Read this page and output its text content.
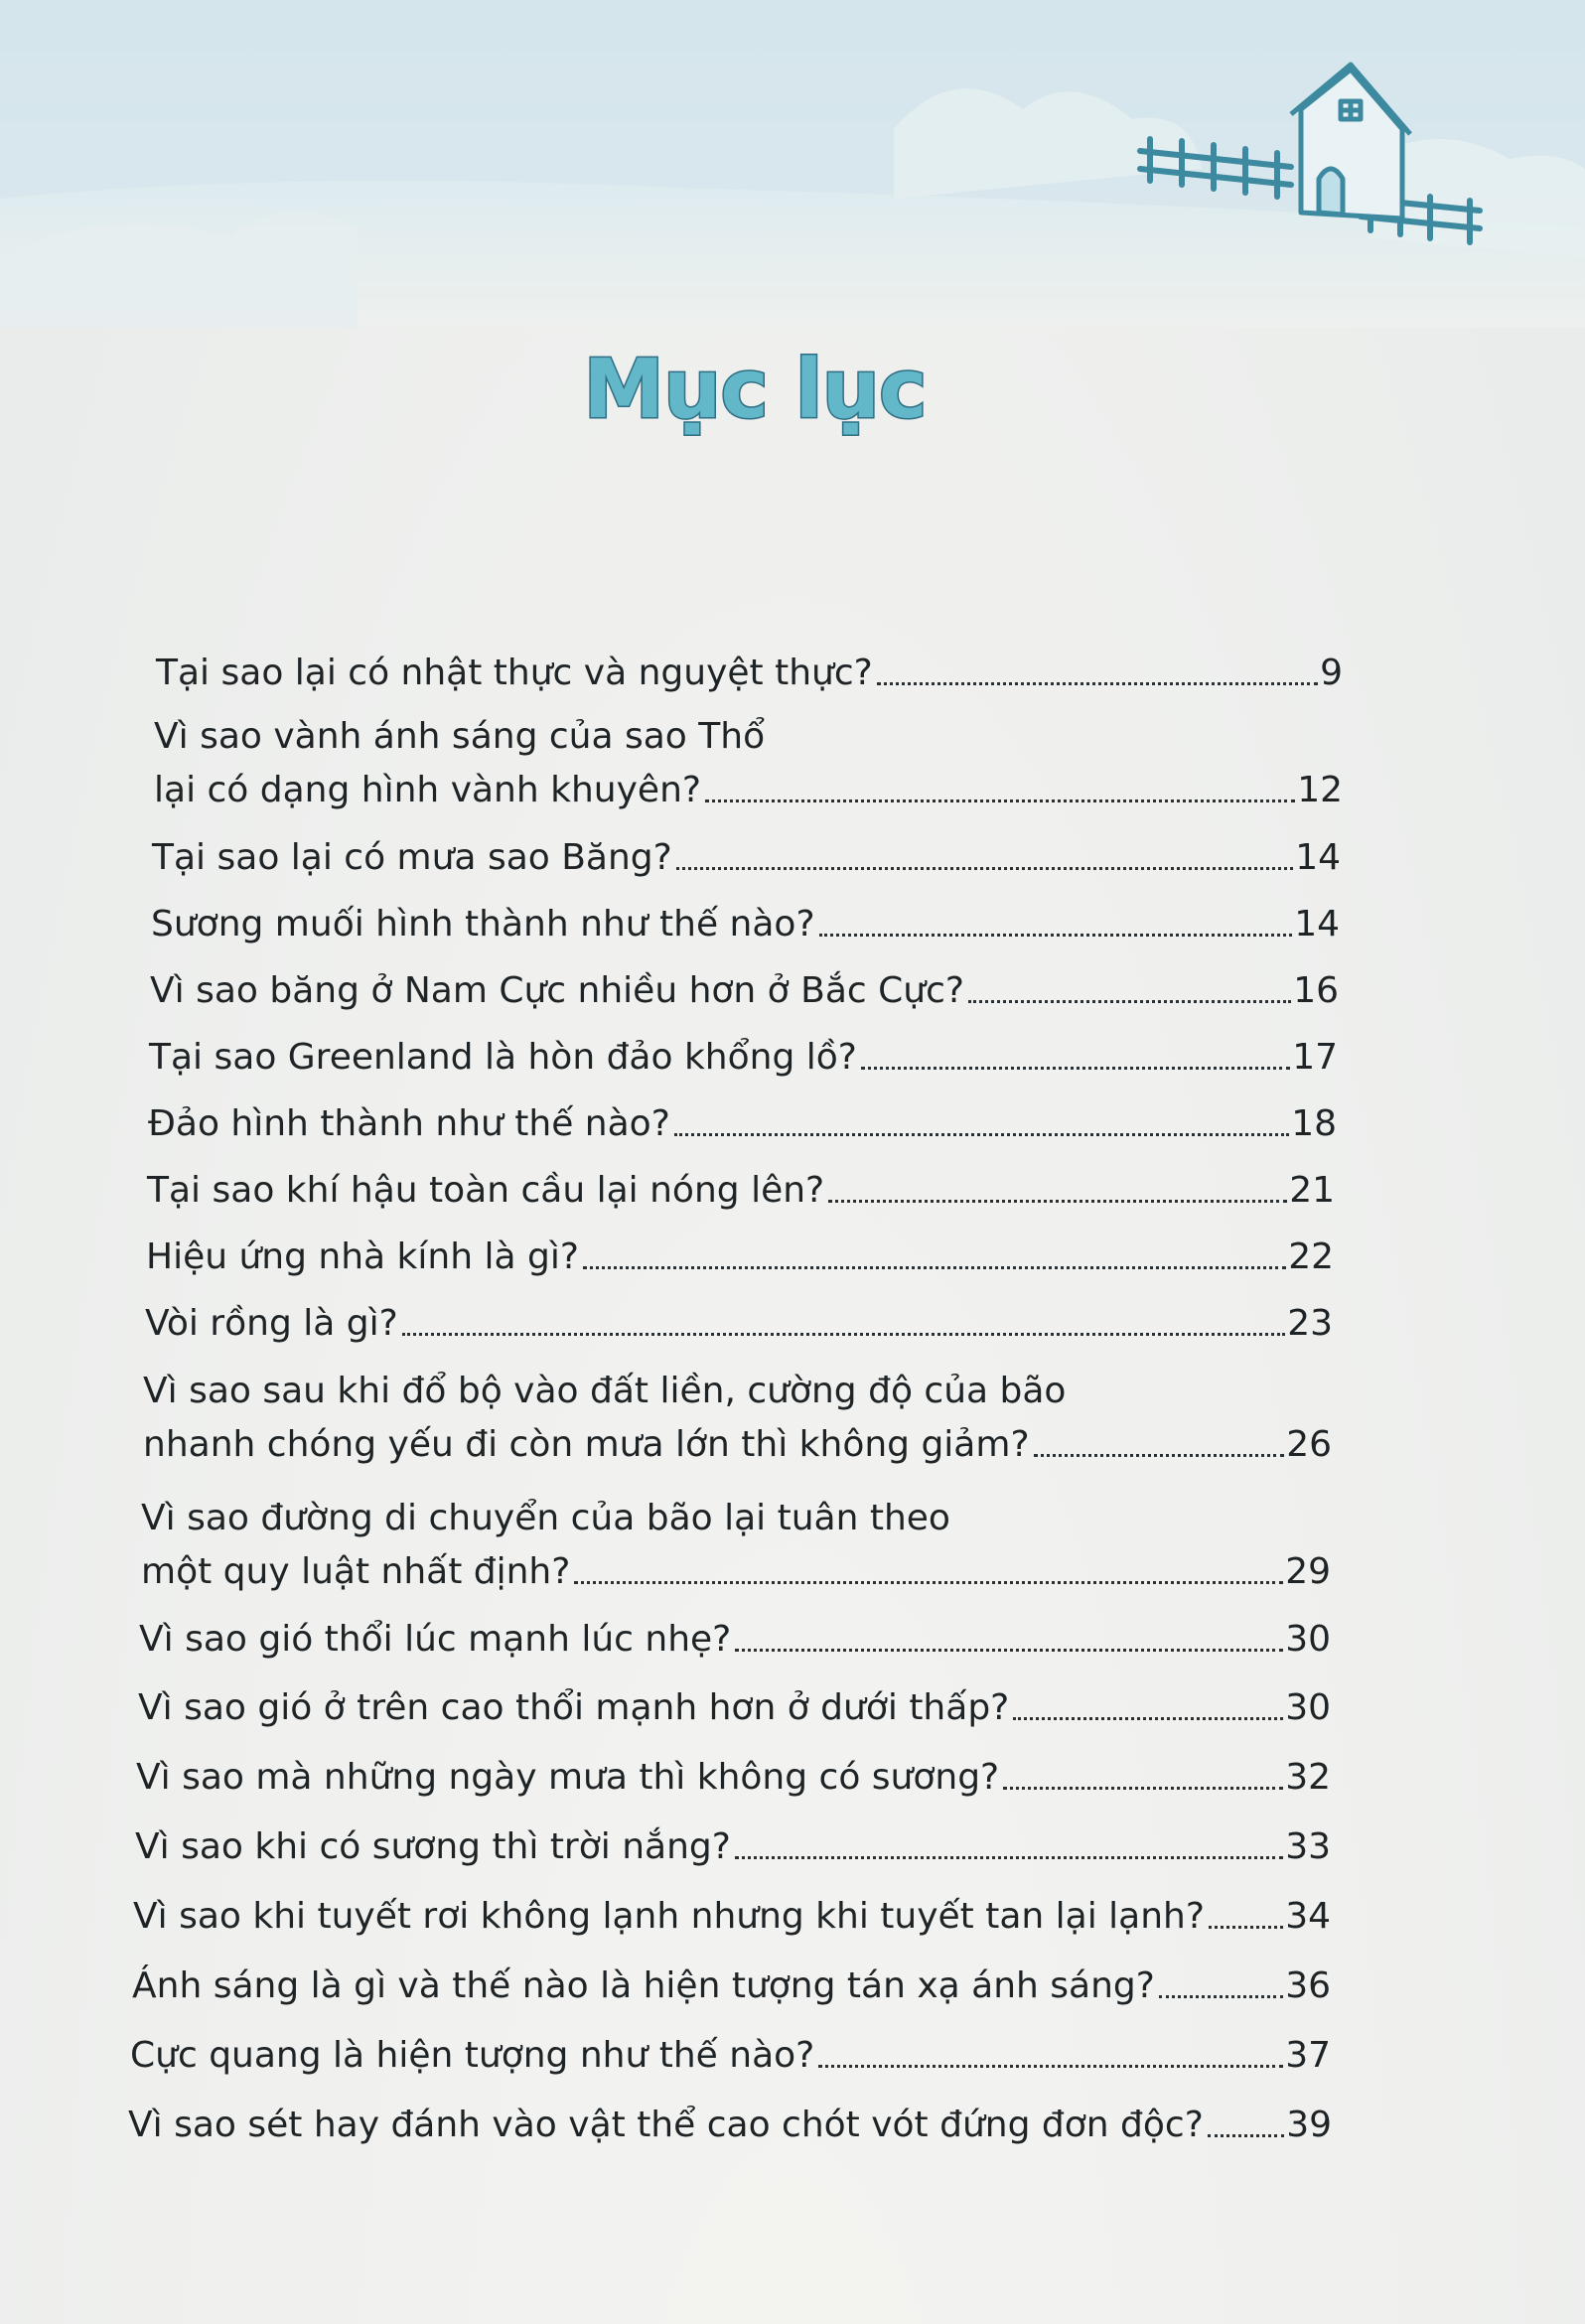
Mục lục
Tại sao lại có nhật thực và nguyệt thực?	9
Vì sao vành ánh sáng của sao Thổ
lại có dạng hình vành khuyên?	12
Tại sao lại có mưa sao Băng?	14
Sương muối hình thành như thế nào?	14
Vì sao băng ở Nam Cực nhiều hơn ở Bắc Cực?	16
Tại sao Greenland là hòn đảo khổng lồ?	17
Đảo hình thành như thế nào?	18
Tại sao khí hậu toàn cầu lại nóng lên?	21
Hiệu ứng nhà kính là gì?	22
Vòi rồng là gì?	23
Vì sao sau khi đổ bộ vào đất liền, cường độ của bão
nhanh chóng yếu đi còn mưa lớn thì không giảm?	26
Vì sao đường di chuyển của bão lại tuân theo
một quy luật nhất định?	29
Vì sao gió thổi lúc mạnh lúc nhẹ?	30
Vì sao gió ở trên cao thổi mạnh hơn ở dưới thấp?	30
Vì sao mà những ngày mưa thì không có sương?	32
Vì sao khi có sương thì trời nắng?	33
Vì sao khi tuyết rơi không lạnh nhưng khi tuyết tan lại lạnh? 34
Ánh sáng là gì và thế nào là hiện tượng tán xạ ánh sáng?	36
Cực quang là hiện tượng như thế nào?	37
Vì sao sét hay đánh vào vật thể cao chót vót đứng đơn độc? 39
